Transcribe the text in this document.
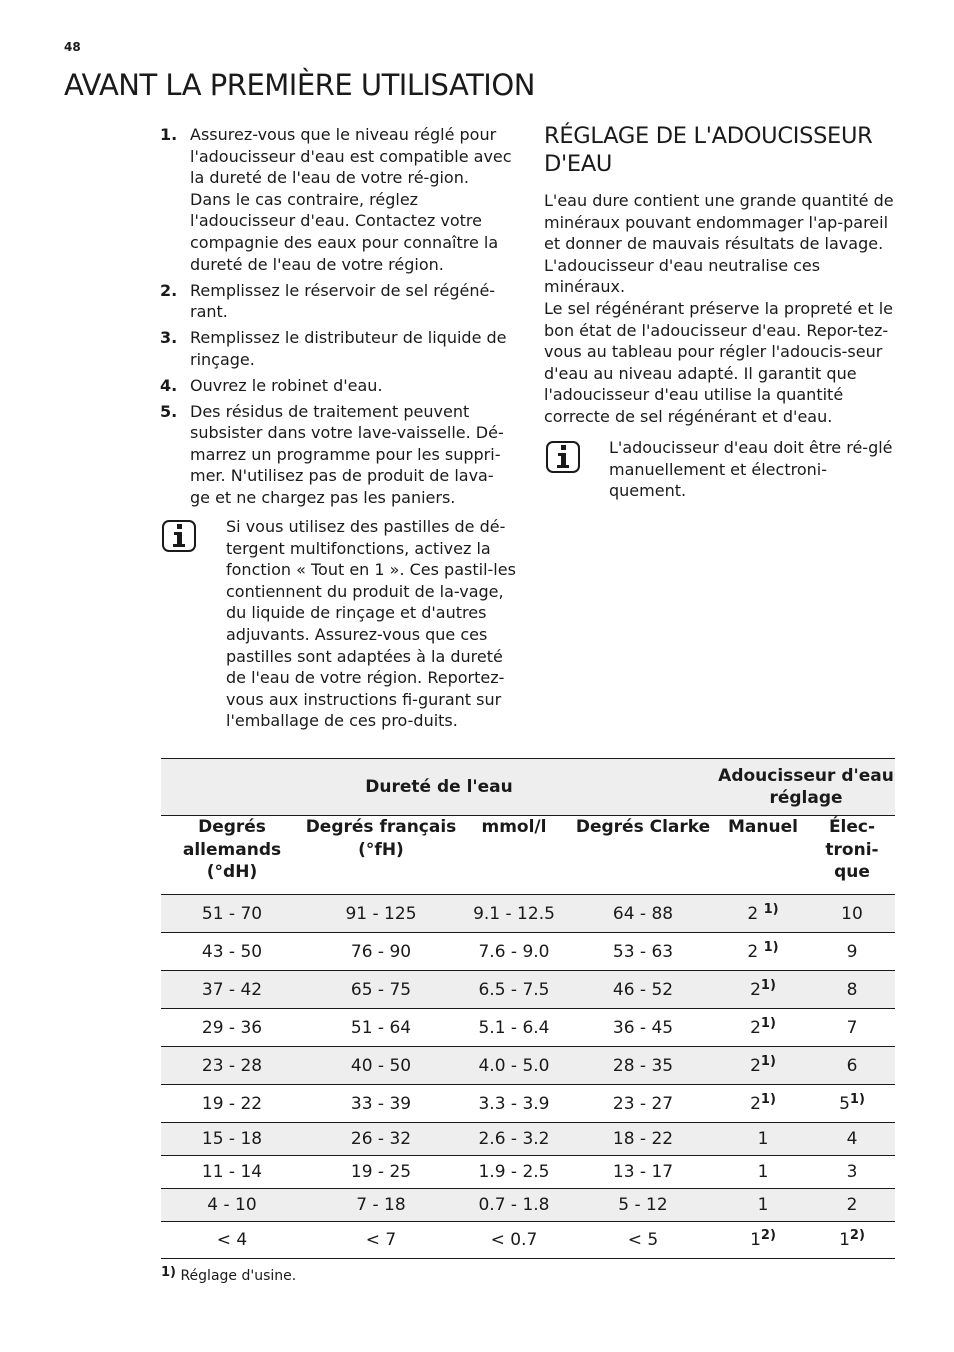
48
AVANT LA PREMIÈRE UTILISATION
1. Assurez-vous que le niveau réglé pour l'adoucisseur d'eau est compatible avec la dureté de l'eau de votre ré-gion. Dans le cas contraire, réglez l'adoucisseur d'eau. Contactez votre compagnie des eaux pour connaître la dureté de l'eau de votre région.
2. Remplissez le réservoir de sel régéné-rant.
3. Remplissez le distributeur de liquide de rinçage.
4. Ouvrez le robinet d'eau.
5. Des résidus de traitement peuvent subsister dans votre lave-vaisselle. Dé-marrez un programme pour les suppri-mer. N'utilisez pas de produit de lava-ge et ne chargez pas les paniers.

Si vous utilisez des pastilles de dé-tergent multifonctions, activez la fonction « Tout en 1 ». Ces pastil-les contiennent du produit de la-vage, du liquide de rinçage et d'autres adjuvants. Assurez-vous que ces pastilles sont adaptées à la dureté de l'eau de votre région. Reportez-vous aux instructions fi-gurant sur l'emballage de ces pro-duits.

RÉGLAGE DE L'ADOUCISSEUR D'EAU
L'eau dure contient une grande quantité de minéraux pouvant endommager l'ap-pareil et donner de mauvais résultats de lavage. L'adoucisseur d'eau neutralise ces minéraux.
Le sel régénérant préserve la propreté et le bon état de l'adoucisseur d'eau. Repor-tez-vous au tableau pour régler l'adoucis-seur d'eau au niveau adapté. Il garantit que l'adoucisseur d'eau utilise la quantité correcte de sel régénérant et d'eau.

L'adoucisseur d'eau doit être ré-glé manuellement et électroni-quement.

Dureté de l'eau				Adoucisseur d'eau réglage	
Degrés allemands (°dH)	Degrés français (°fH)	mmol/l	Degrés Clarke	Manuel	Élec-troni-que
51 - 70	91 - 125	9.1 - 12.5	64 - 88	2 $^{1)}$	10
43 - 50	76 - 90	7.6 - 9.0	53 - 63	2 $^{1)}$	9
37 - 42	65 - 75	6.5 - 7.5	46 - 52	2$^{1)}$	8
29 - 36	51 - 64	5.1 - 6.4	36 - 45	2$^{1)}$	7
23 - 28	40 - 50	4.0 - 5.0	28 - 35	2$^{1)}$	6
19 - 22	33 - 39	3.3 - 3.9	23 - 27	2$^{1)}$	5$^{1)}$
15 - 18	26 - 32	2.6 - 3.2	18 - 22	1	4
11 - 14	19 - 25	1.9 - 2.5	13 - 17	1	3
4 - 10	7 - 18	0.7 - 1.8	5 - 12	1	2
< 4	< 7	< 0.7	< 5	1$^{2)}$	1$^{2)}$
1) Réglage d'usine.
